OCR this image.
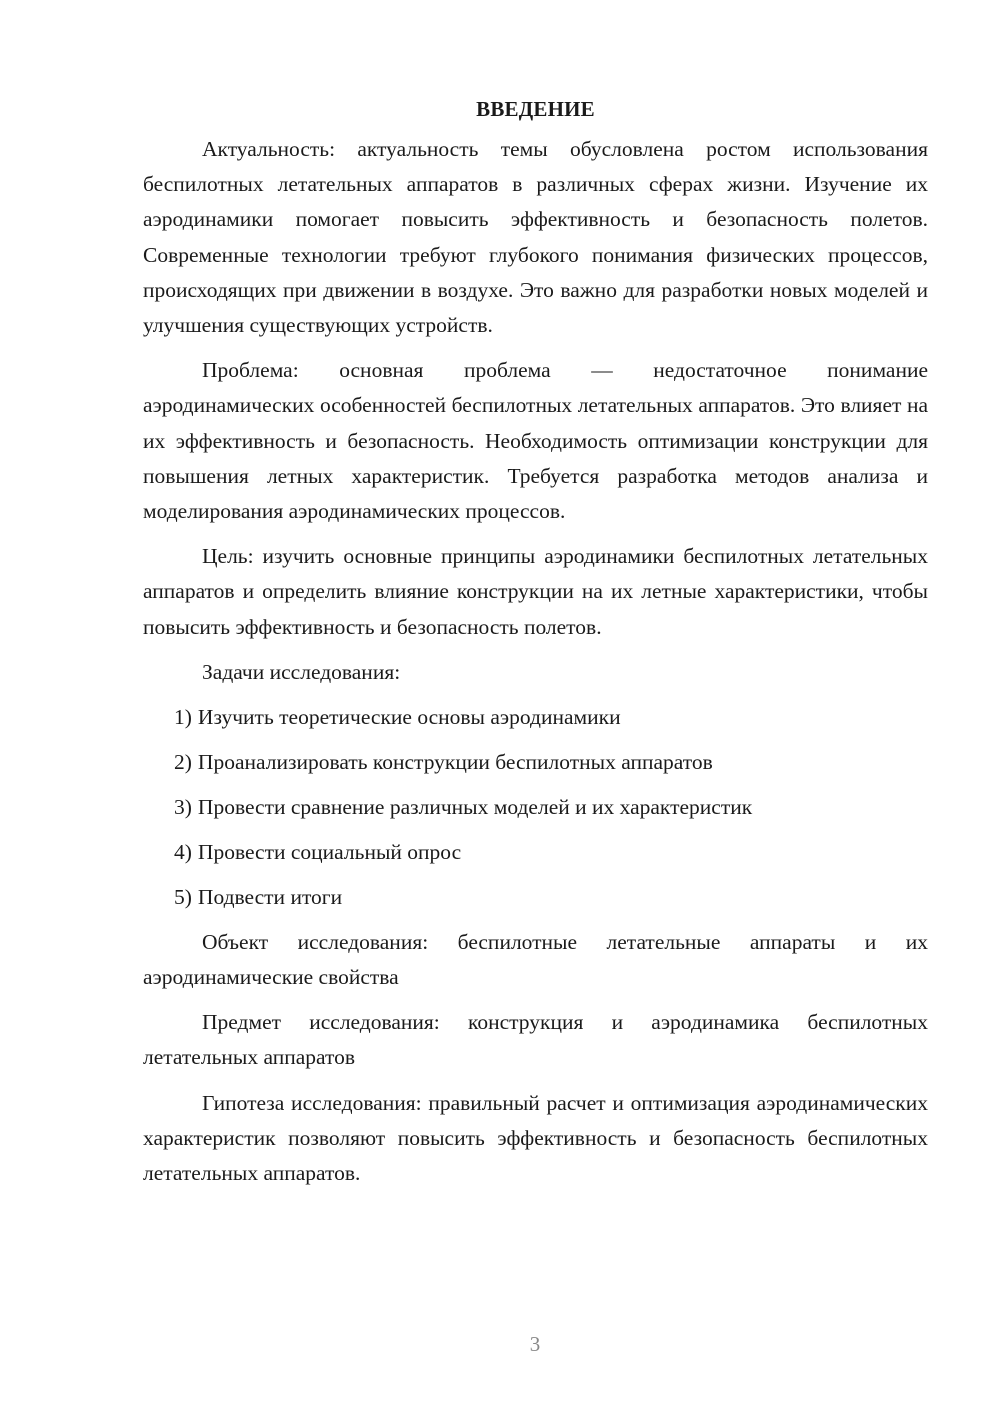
ВВЕДЕНИЕ

Актуальность: актуальность темы обусловлена ростом использования беспилотных летательных аппаратов в различных сферах жизни. Изучение их аэродинамики помогает повысить эффективность и безопасность полетов. Современные технологии требуют глубокого понимания физических процессов, происходящих при движении в воздухе. Это важно для разработки новых моделей и улучшения существующих устройств.

Проблема: основная проблема — недостаточное понимание аэродинамических особенностей беспилотных летательных аппаратов. Это влияет на их эффективность и безопасность. Необходимость оптимизации конструкции для повышения летных характеристик. Требуется разработка методов анализа и моделирования аэродинамических процессов.

Цель: изучить основные принципы аэродинамики беспилотных летательных аппаратов и определить влияние конструкции на их летные характеристики, чтобы повысить эффективность и безопасность полетов.

Задачи исследования:

1) Изучить теоретические основы аэродинамики
2) Проанализировать конструкции беспилотных аппаратов
3) Провести сравнение различных моделей и их характеристик
4) Провести социальный опрос
5) Подвести итоги

Объект исследования: беспилотные летательные аппараты и их аэродинамические свойства

Предмет исследования: конструкция и аэродинамика беспилотных летательных аппаратов

Гипотеза исследования: правильный расчет и оптимизация аэродинамических характеристик позволяют повысить эффективность и безопасность беспилотных летательных аппаратов.

3
